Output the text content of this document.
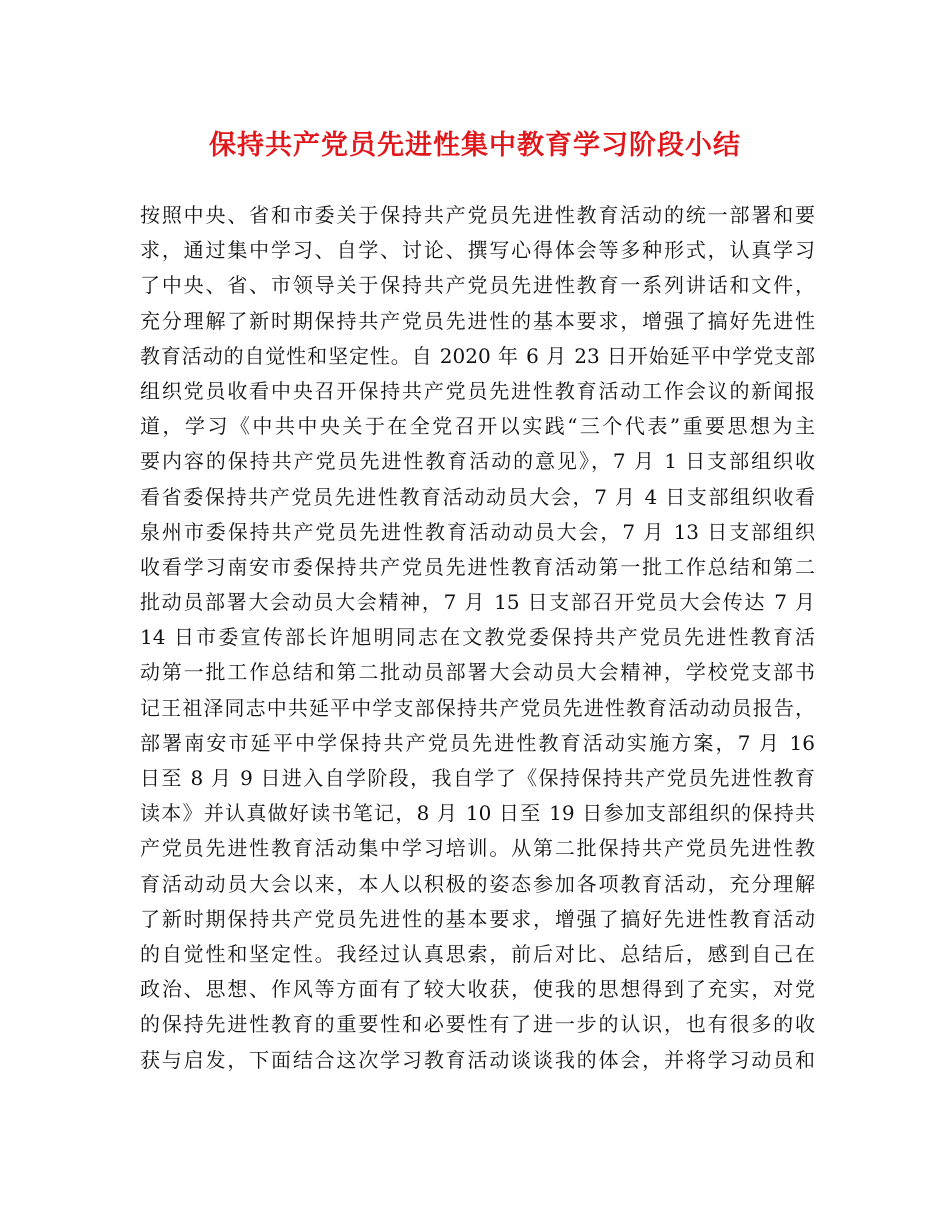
保持共产党员先进性集中教育学习阶段小结
按照中央、省和市委关于保持共产党员先进性教育活动的统一部署和要
求，通过集中学习、自学、讨论、撰写心得体会等多种形式，认真学习
了中央、省、市领导关于保持共产党员先进性教育一系列讲话和文件，
充分理解了新时期保持共产党员先进性的基本要求，增强了搞好先进性
教育活动的自觉性和坚定性。自 2020 年 6 月 23 日开始延平中学党支部
组织党员收看中央召开保持共产党员先进性教育活动工作会议的新闻报
道，学习《中共中央关于在全党召开以实践“三个代表”重要思想为主
要内容的保持共产党员先进性教育活动的意见》，7 月 1 日支部组织收
看省委保持共产党员先进性教育活动动员大会，7 月 4 日支部组织收看
泉州市委保持共产党员先进性教育活动动员大会，7 月 13 日支部组织
收看学习南安市委保持共产党员先进性教育活动第一批工作总结和第二
批动员部署大会动员大会精神，7 月 15 日支部召开党员大会传达 7 月
14 日市委宣传部长许旭明同志在文教党委保持共产党员先进性教育活
动第一批工作总结和第二批动员部署大会动员大会精神，学校党支部书
记王祖泽同志中共延平中学支部保持共产党员先进性教育活动动员报告，
部署南安市延平中学保持共产党员先进性教育活动实施方案，7 月 16
日至 8 月 9 日进入自学阶段，我自学了《保持保持共产党员先进性教育
读本》并认真做好读书笔记，8 月 10 日至 19 日参加支部组织的保持共
产党员先进性教育活动集中学习培训。从第二批保持共产党员先进性教
育活动动员大会以来，本人以积极的姿态参加各项教育活动，充分理解
了新时期保持共产党员先进性的基本要求，增强了搞好先进性教育活动
的自觉性和坚定性。我经过认真思索，前后对比、总结后，感到自己在
政治、思想、作风等方面有了较大收获，使我的思想得到了充实，对党
的保持先进性教育的重要性和必要性有了进一步的认识，也有很多的收
获与启发，下面结合这次学习教育活动谈谈我的体会，并将学习动员和
